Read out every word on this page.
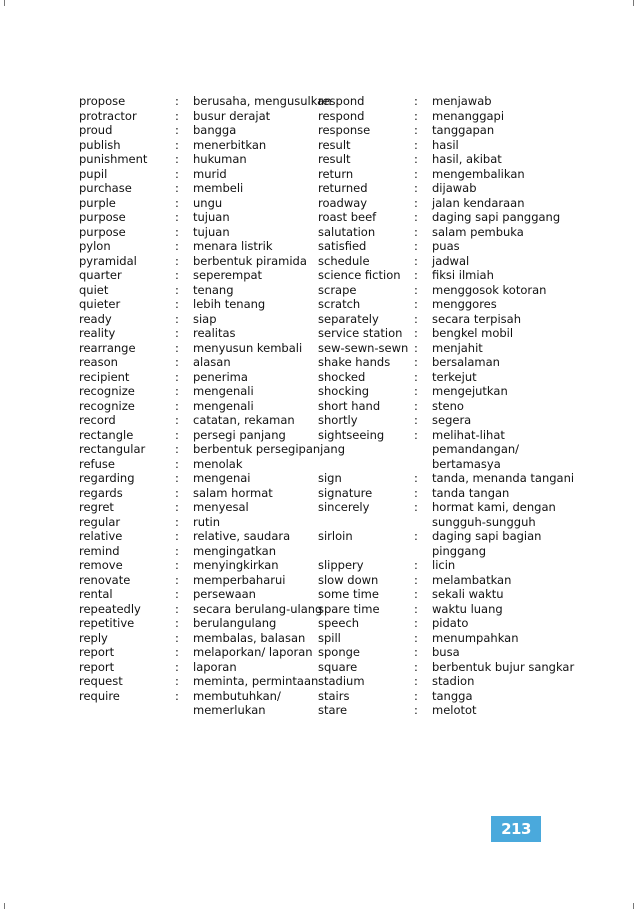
propose	:	berusaha, mengusulkan
protractor	:	busur derajat
proud	:	bangga
publish	:	menerbitkan
punishment	:	hukuman
pupil	:	murid
purchase	:	membeli
purple	:	ungu
purpose	:	tujuan
purpose	:	tujuan
pylon	:	menara listrik
pyramidal	:	berbentuk piramida
quarter	:	seperempat
quiet	:	tenang
quieter	:	lebih tenang
ready	:	siap
reality	:	realitas
rearrange	:	menyusun kembali
reason	:	alasan
recipient	:	penerima
recognize	:	mengenali
recognize	:	mengenali
record	:	catatan, rekaman
rectangle	:	persegi panjang
rectangular	:	berbentuk persegipanjang
refuse	:	menolak
regarding	:	mengenai
regards	:	salam hormat
regret	:	menyesal
regular	:	rutin
relative	:	relative, saudara
remind	:	mengingatkan
remove	:	menyingkirkan
renovate	:	memperbaharui
rental	:	persewaan
repeatedly	:	secara berulang-ulang
repetitive	:	berulangulang
reply	:	membalas, balasan
report	:	melaporkan/ laporan
report	:	laporan
request	:	meminta, permintaan
require	:	membutuhkan/ memerlukan
respond	:	menjawab
respond	:	menanggapi
response	:	tanggapan
result	:	hasil
result	:	hasil, akibat
return	:	mengembalikan
returned	:	dijawab
roadway	:	jalan kendaraan
roast beef	:	daging sapi panggang
salutation	:	salam pembuka
satisfied	:	puas
schedule	:	jadwal
science fiction	:	fiksi ilmiah
scrape	:	menggosok kotoran
scratch	:	menggores
separately	:	secara terpisah
service station	:	bengkel mobil
sew-sewn-sewn :	menjahit
shake hands	:	bersalaman
shocked	:	terkejut
shocking	:	mengejutkan
short hand	:	steno
shortly	:	segera
sightseeing	:	melihat-lihat pemandangan/ bertamasya
sign	:	tanda, menanda tangani
signature	:	tanda tangan
sincerely	:	hormat kami, dengan sungguh-sungguh
sirloin	:	daging sapi bagian pinggang
slippery	:	licin
slow down	:	melambatkan
some time	:	sekali waktu
spare time	:	waktu luang
speech	:	pidato
spill	:	menumpahkan
sponge	:	busa
square	:	berbentuk bujur sangkar
stadium	:	stadion
stairs	:	tangga
stare	:	melotot
213
